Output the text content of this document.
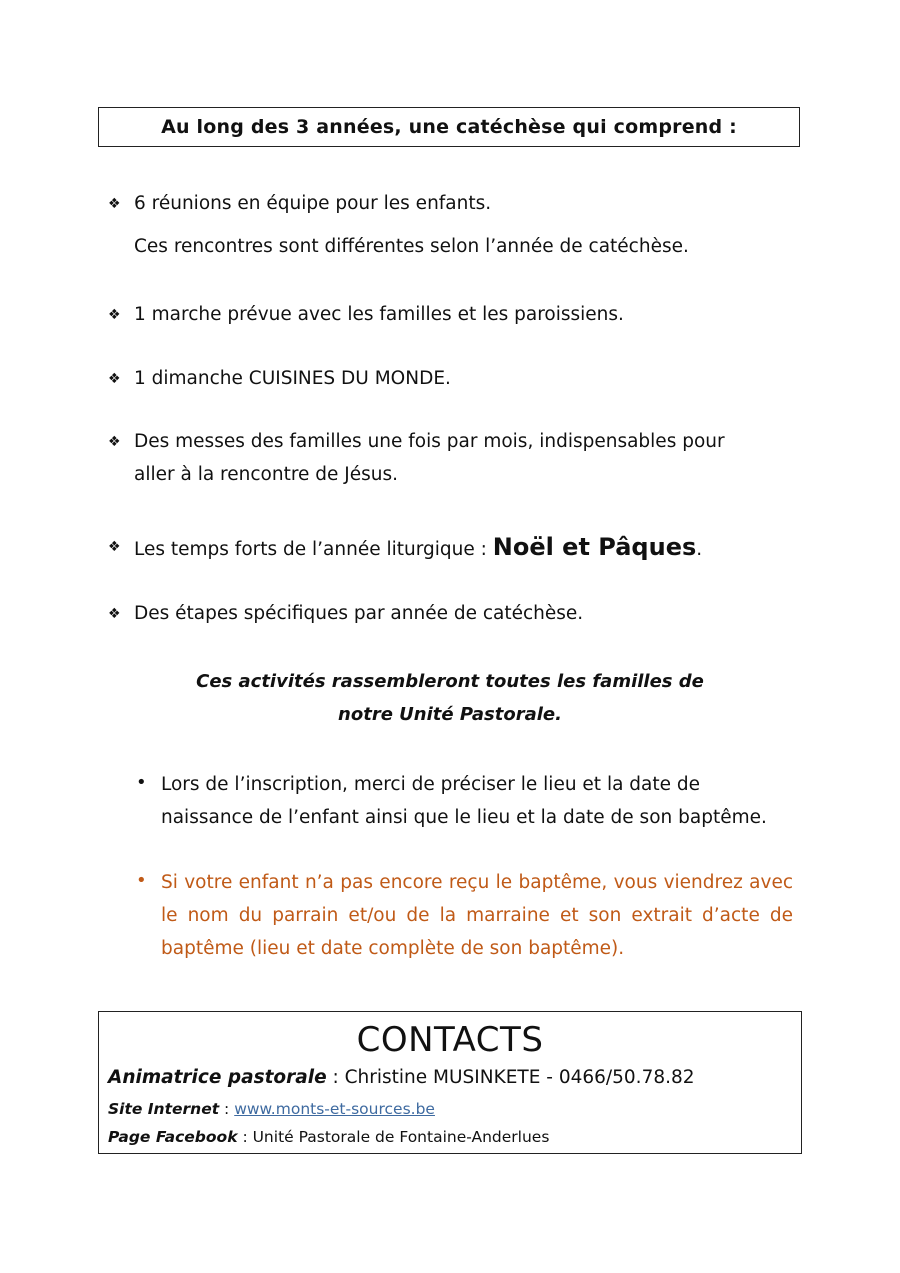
Au long des 3 années, une catéchèse qui comprend :
❖ 6 réunions en équipe pour les enfants.
Ces rencontres sont différentes selon l’année de catéchèse.
❖ 1 marche prévue avec les familles et les paroissiens.
❖ 1 dimanche CUISINES DU MONDE.
❖ Des messes des familles une fois par mois, indispensables pour
aller à la rencontre de Jésus.
❖ Les temps forts de l’année liturgique : Noël et Pâques.
❖ Des étapes spécifiques par année de catéchèse.
Ces activités rassembleront toutes les familles de
notre Unité Pastorale.
• Lors de l’inscription, merci de préciser le lieu et la date de naissance de l’enfant ainsi que le lieu et la date de son baptême.
• Si votre enfant n’a pas encore reçu le baptême, vous viendrez avec le nom du parrain et/ou de la marraine et son extrait d’acte de baptême (lieu et date complète de son baptême).
CONTACTS
Animatrice pastorale : Christine MUSINKETE - 0466/50.78.82
Site Internet : www.monts-et-sources.be
Page Facebook : Unité Pastorale de Fontaine-Anderlues
